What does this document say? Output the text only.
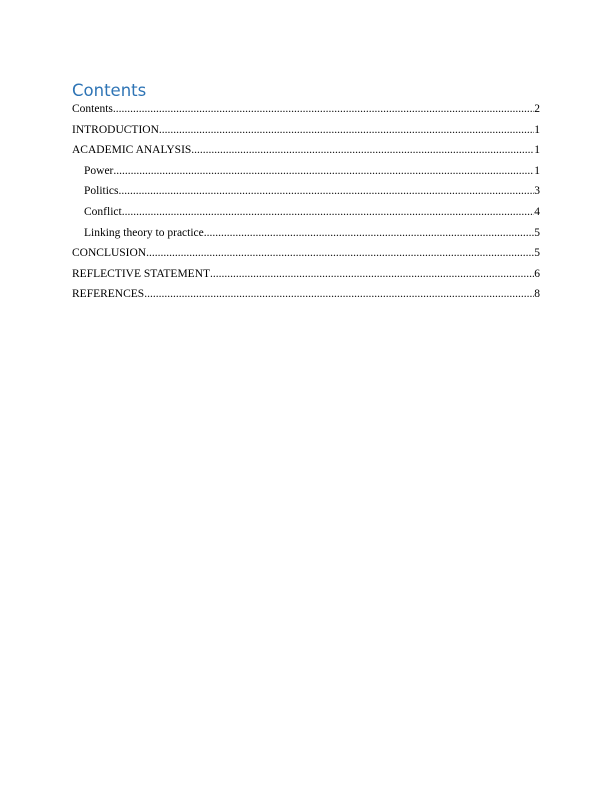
Contents
Contents .....	2
INTRODUCTION .....	1
ACADEMIC ANALYSIS .....	1
Power .....	1
Politics .....	3
Conflict .....	4
Linking theory to practice .....	5
CONCLUSION .....	5
REFLECTIVE STATEMENT .....	6
REFERENCES .....	8
